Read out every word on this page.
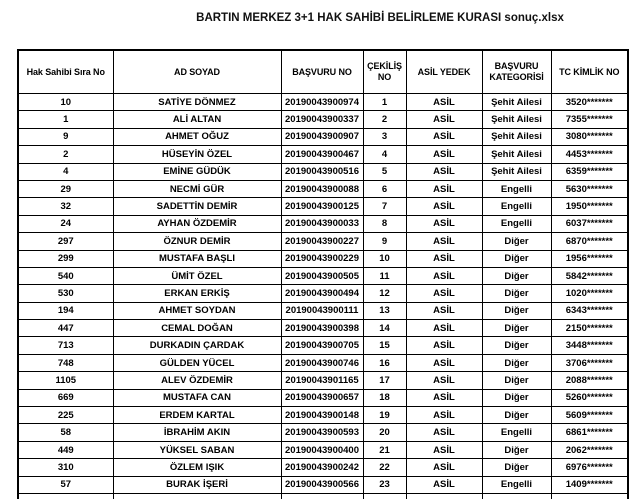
BARTIN MERKEZ 3+1 HAK SAHİBİ BELİRLEME KURASI sonuç.xlsx
Hak Sahibi Sıra No	AD SOYAD	BAŞVURU NO	ÇEKİLİŞ NO	ASİL YEDEK	BAŞVURU KATEGORİSİ	TC KİMLİK NO
10	SATİYE DÖNMEZ	20190043900974	1	ASİL	Şehit Ailesi	3520*******
1	ALİ ALTAN	20190043900337	2	ASİL	Şehit Ailesi	7355*******
9	AHMET OĞUZ	20190043900907	3	ASİL	Şehit Ailesi	3080*******
2	HÜSEYİN ÖZEL	20190043900467	4	ASİL	Şehit Ailesi	4453*******
4	EMİNE GÜDÜK	20190043900516	5	ASİL	Şehit Ailesi	6359*******
29	NECMİ GÜR	20190043900088	6	ASİL	Engelli	5630*******
32	SADETTİN DEMİR	20190043900125	7	ASİL	Engelli	1950*******
24	AYHAN ÖZDEMİR	20190043900033	8	ASİL	Engelli	6037*******
297	ÖZNUR DEMİR	20190043900227	9	ASİL	Diğer	6870*******
299	MUSTAFA BAŞLI	20190043900229	10	ASİL	Diğer	1956*******
540	ÜMİT ÖZEL	20190043900505	11	ASİL	Diğer	5842*******
530	ERKAN ERKİŞ	20190043900494	12	ASİL	Diğer	1020*******
194	AHMET SOYDAN	20190043900111	13	ASİL	Diğer	6343*******
447	CEMAL DOĞAN	20190043900398	14	ASİL	Diğer	2150*******
713	DURKADIN ÇARDAK	20190043900705	15	ASİL	Diğer	3448*******
748	GÜLDEN YÜCEL	20190043900746	16	ASİL	Diğer	3706*******
1105	ALEV ÖZDEMİR	20190043901165	17	ASİL	Diğer	2088*******
669	MUSTAFA CAN	20190043900657	18	ASİL	Diğer	5260*******
225	ERDEM KARTAL	20190043900148	19	ASİL	Diğer	5609*******
58	İBRAHİM AKIN	20190043900593	20	ASİL	Engelli	6861*******
449	YÜKSEL SABAN	20190043900400	21	ASİL	Diğer	2062*******
310	ÖZLEM IŞIK	20190043900242	22	ASİL	Diğer	6976*******
57	BURAK İŞERİ	20190043900566	23	ASİL	Engelli	1409*******
